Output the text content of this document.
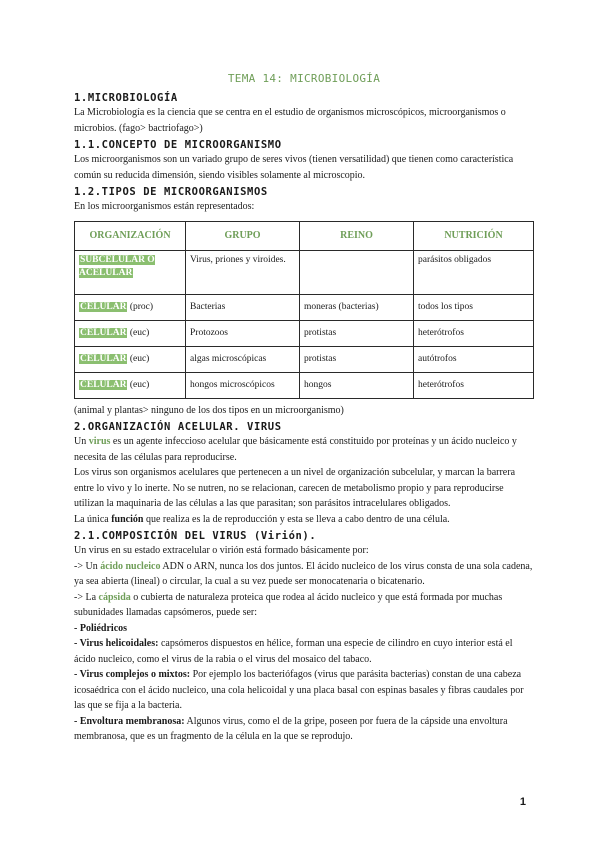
TEMA 14: MICROBIOLOGÍA
1.MICROBIOLOGÍA

La Microbiología es la ciencia que se centra en el estudio de organismos microscópicos, microorganismos o microbios. (fago> bactriofago>)

1.1.CONCEPTO DE MICROORGANISMO

Los microorganismos son un variado grupo de seres vivos (tienen versatilidad) que tienen como característica común su reducida dimensión, siendo visibles solamente al microscopio.

1.2.TIPOS DE MICROORGANISMOS

En los microorganismos están representados:

ORGANIZACIÓN	GRUPO	REINO	NUTRICIÓN
SUBCELULAR O ACELULAR	Virus, priones y viroides.		parásitos obligados
CELULAR (proc)	Bacterias	moneras (bacterias)	todos los tipos
CELULAR (euc)	Protozoos	protistas	heterótrofos
CELULAR (euc)	algas microscópicas	protistas	autótrofos
CELULAR (euc)	hongos microscópicos	hongos	heterótrofos

(animal y plantas> ninguno de los dos tipos en un microorganismo)

2.ORGANIZACIÓN ACELULAR. VIRUS

Un virus es un agente infeccioso acelular que básicamente está constituido por proteínas y un ácido nucleico y necesita de las células para reproducirse.

Los virus son organismos acelulares que pertenecen a un nivel de organización subcelular, y marcan la barrera entre lo vivo y lo inerte. No se nutren, no se relacionan, carecen de metabolismo propio y para reproducirse utilizan la maquinaria de las células a las que parasitan; son parásitos intracelulares obligados.

La única función que realiza es la de reproducción y esta se lleva a cabo dentro de una célula.

2.1.COMPOSICIÓN DEL VIRUS (Virión).

Un virus en su estado extracelular o virión está formado básicamente por:

-> Un ácido nucleico ADN o ARN, nunca los dos juntos. El ácido nucleico de los virus consta de una sola cadena, ya sea abierta (lineal) o circular, la cual a su vez puede ser monocatenaria o bicatenario.

-> La cápsida o cubierta de naturaleza proteica que rodea al ácido nucleico y que está formada por muchas subunidades llamadas capsómeros, puede ser:

- Poliédricos

- Virus helicoidales: capsómeros dispuestos en hélice, forman una especie de cilindro en cuyo interior está el ácido nucleico, como el virus de la rabia o el virus del mosaico del tabaco.

- Virus complejos o mixtos: Por ejemplo los bacteriófagos (virus que parásita bacterias) constan de una cabeza icosaédrica con el ácido nucleico, una cola helicoidal y una placa basal con espinas basales y fibras caudales por las que se fija a la bacteria.

- Envoltura membranosa: Algunos virus, como el de la gripe, poseen por fuera de la cápside una envoltura membranosa, que es un fragmento de la célula en la que se reprodujo.

1
